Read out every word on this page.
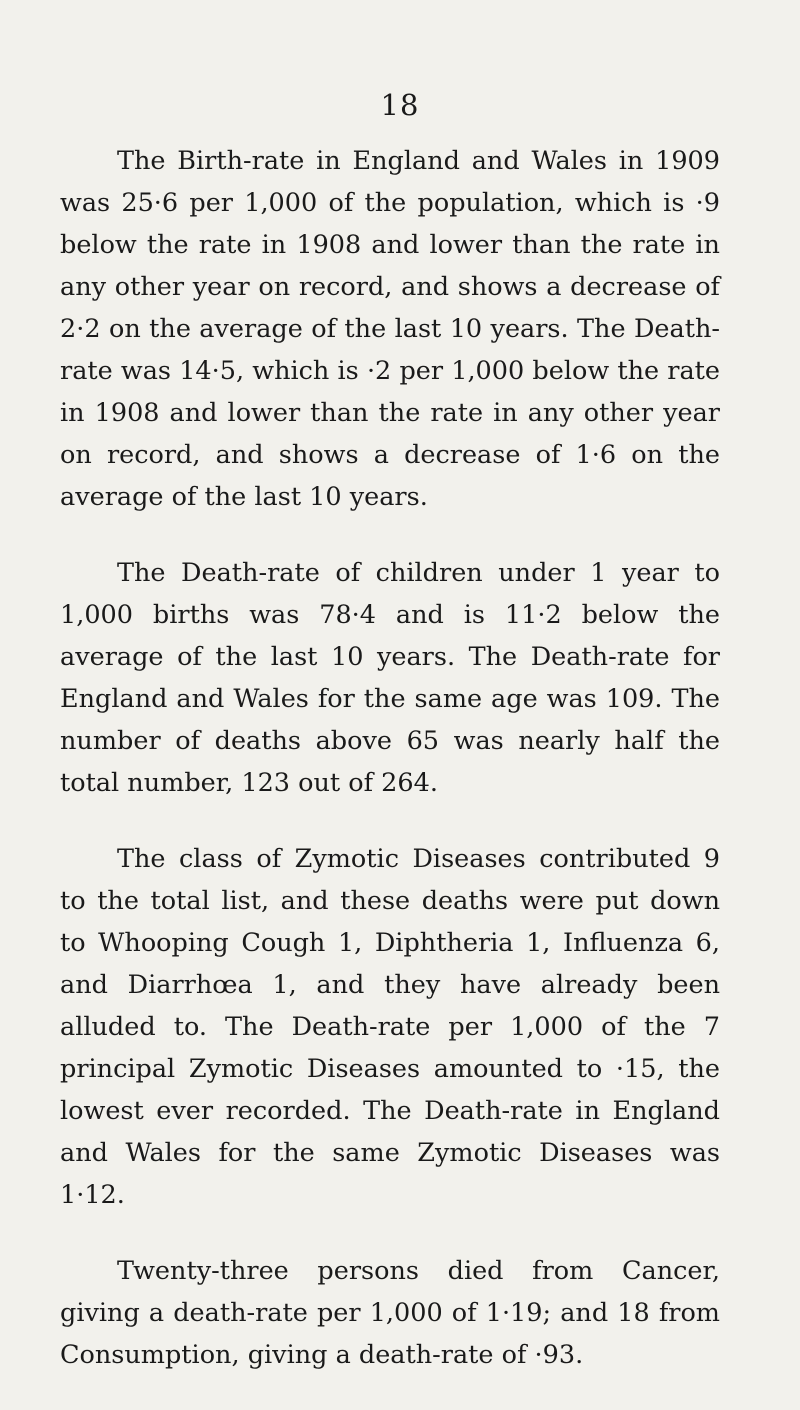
18

The Birth-rate in England and Wales in 1909 was 25·6 per 1,000 of the population, which is ·9 below the rate in 1908 and lower than the rate in any other year on record, and shows a decrease of 2·2 on the average of the last 10 years. The Death-rate was 14·5, which is ·2 per 1,000 below the rate in 1908 and lower than the rate in any other year on record, and shows a decrease of 1·6 on the average of the last 10 years.

The Death-rate of children under 1 year to 1,000 births was 78·4 and is 11·2 below the average of the last 10 years. The Death-rate for England and Wales for the same age was 109. The number of deaths above 65 was nearly half the total number, 123 out of 264.

The class of Zymotic Diseases contributed 9 to the total list, and these deaths were put down to Whooping Cough 1, Diphtheria 1, Influenza 6, and Diarrhœa 1, and they have already been alluded to. The Death-rate per 1,000 of the 7 principal Zymotic Diseases amounted to ·15, the lowest ever recorded. The Death-rate in England and Wales for the same Zymotic Diseases was 1·12.

Twenty-three persons died from Cancer, giving a death-rate per 1,000 of 1·19; and 18 from Consumption, giving a death-rate of ·93.
